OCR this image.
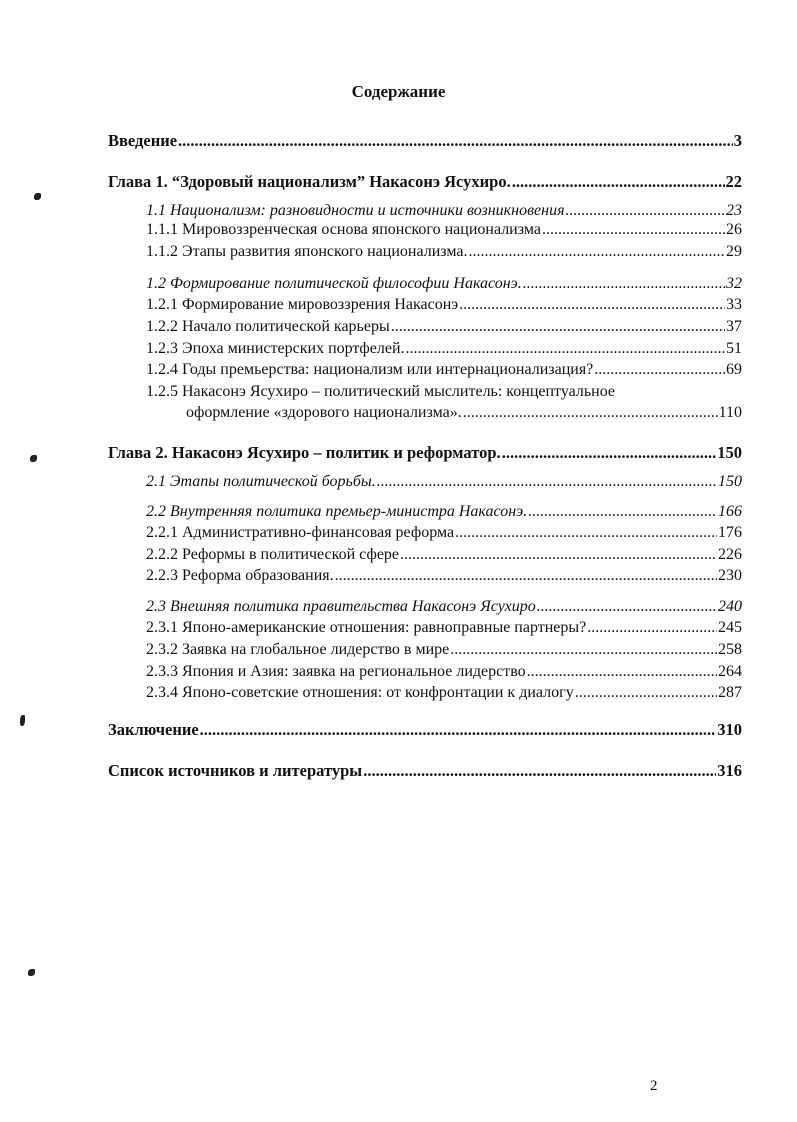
Содержание
Введение .....	3
Глава 1. “Здоровый национализм” Накасонэ Ясухиро. .....	22
1.1 Национализм: разновидности и источники возникновения .....	23
1.1.1 Мировоззренческая основа японского национализма .....	26
1.1.2 Этапы развития японского национализма. .....	29
1.2 Формирование политической философии Накасонэ. .....	32
1.2.1 Формирование мировоззрения Накасонэ .....	33
1.2.2 Начало политической карьеры .....	37
1.2.3 Эпоха министерских портфелей. .....	51
1.2.4 Годы премьерства: национализм или интернационализация? .....	69
1.2.5 Накасонэ Ясухиро – политический мыслитель: концептуальное
оформление «здорового национализма». .....	110
Глава 2. Накасонэ Ясухиро – политик и реформатор. .....	150
2.1 Этапы политической борьбы. .....	150
2.2 Внутренняя политика премьер-министра Накасонэ. .....	166
2.2.1 Административно-финансовая реформа .....	176
2.2.2 Реформы в политической сфере .....	226
2.2.3 Реформа образования. .....	230
2.3 Внешняя политика правительства Накасонэ Ясухиро .....	240
2.3.1 Японо-американские отношения: равноправные партнеры? .....	245
2.3.2 Заявка на глобальное лидерство в мире .....	258
2.3.3 Япония и Азия: заявка на региональное лидерство .....	264
2.3.4 Японо-советские отношения: от конфронтации к диалогу .....	287
Заключение .....	310
Список источников и литературы .....	316
2
